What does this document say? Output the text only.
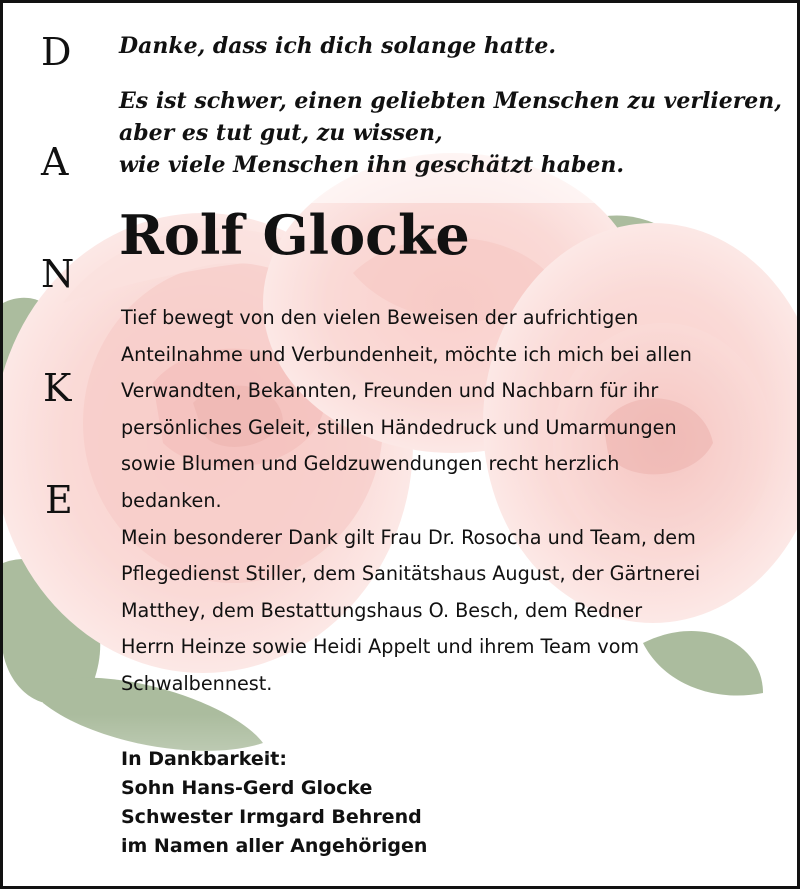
D
A
N
K
E

Danke, dass ich dich solange hatte.

Es ist schwer, einen geliebten Menschen zu verlieren,
aber es tut gut, zu wissen,
wie viele Menschen ihn geschätzt haben.

Rolf Glocke
Tief bewegt von den vielen Beweisen der aufrichtigen
Anteilnahme und Verbundenheit, möchte ich mich bei allen
Verwandten, Bekannten, Freunden und Nachbarn für ihr
persönliches Geleit, stillen Händedruck und Umarmungen
sowie Blumen und Geldzuwendungen recht herzlich
bedanken.
Mein besonderer Dank gilt Frau Dr. Rosocha und Team, dem
Pflegedienst Stiller, dem Sanitätshaus August, der Gärtnerei
Matthey, dem Bestattungshaus O. Besch, dem Redner
Herrn Heinze sowie Heidi Appelt und ihrem Team vom
Schwalbennest.
In Dankbarkeit:
Sohn Hans-Gerd Glocke
Schwester Irmgard Behrend
im Namen aller Angehörigen
